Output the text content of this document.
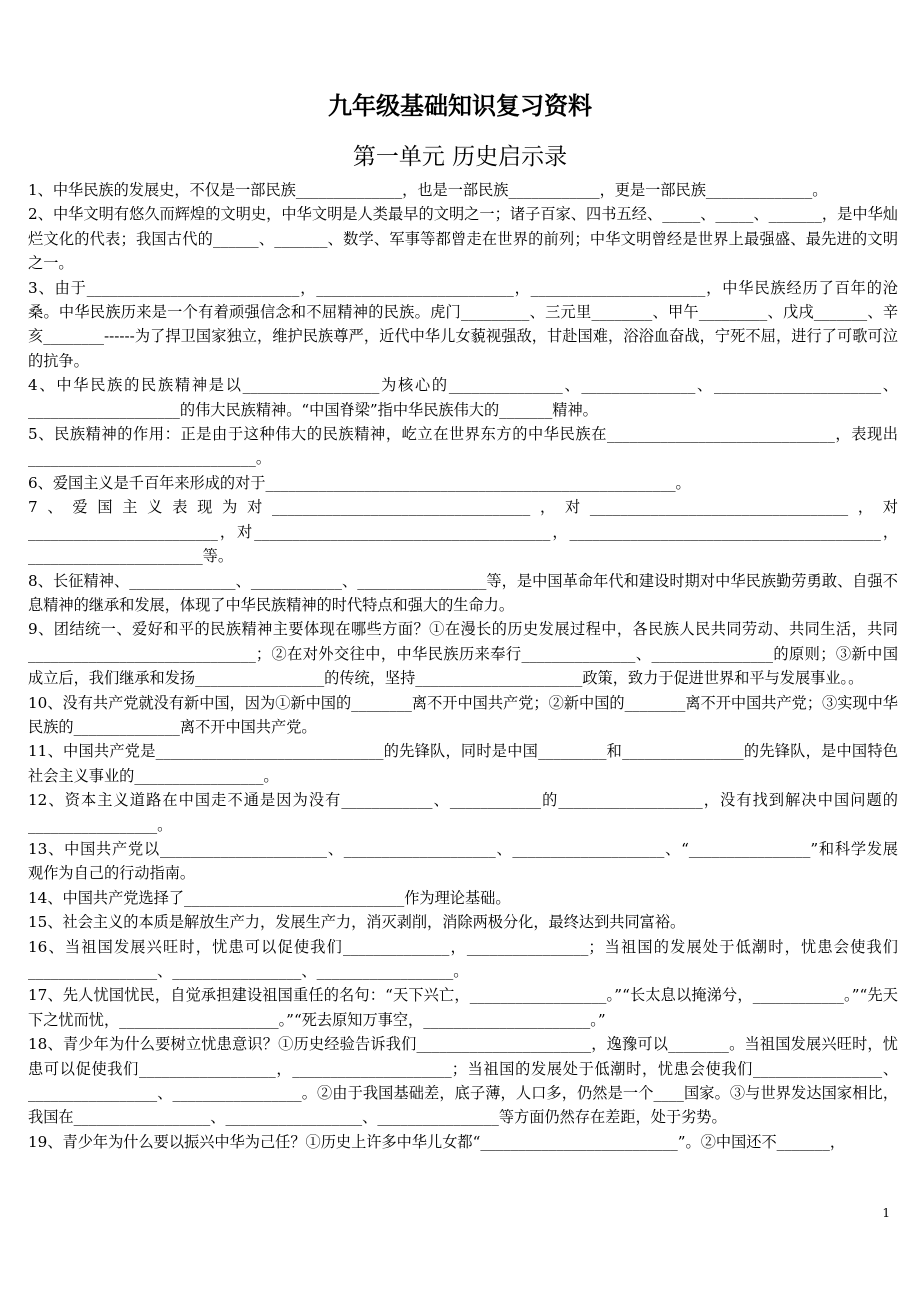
九年级基础知识复习资料
第一单元 历史启示录

1、中华民族的发展史，不仅是一部民族______________，也是一部民族____________，更是一部民族______________。

2、中华文明有悠久而辉煌的文明史，中华文明是人类最早的文明之一；诸子百家、四书五经、_____、_____、_______，是中华灿烂文化的代表；我国古代的______、_______、数学、军事等都曾走在世界的前列；中华文明曾经是世界上最强盛、最先进的文明之一。

3、由于____________________________，__________________________，_______________________，中华民族经历了百年的沧桑。中华民族历来是一个有着顽强信念和不屈精神的民族。虎门_________、三元里________、甲午_________、戊戌_______、辛亥________------为了捍卫国家独立，维护民族尊严，近代中华儿女藐视强敌，甘赴国难，浴浴血奋战，宁死不屈，进行了可歌可泣的抗争。

4、中华民族的民族精神是以__________________为核心的_______________、_______________、______________________、____________________的伟大民族精神。“中国脊梁”指中华民族伟大的_______精神。

5、民族精神的作用：正是由于这种伟大的民族精神，屹立在世界东方的中华民族在______________________________，表现出______________________________。

6、爱国主义是千百年来形成的对于______________________________________________________。

7、爱国主义表现为对__________________________________，对__________________________________，对_________________________，对_______________________________________，_________________________________________，_______________________等。

8、长征精神、______________、____________、_________________等，是中国革命年代和建设时期对中华民族勤劳勇敢、自强不息精神的继承和发展，体现了中华民族精神的时代特点和强大的生命力。

9、团结统一、爱好和平的民族精神主要体现在哪些方面？①在漫长的历史发展过程中，各民族人民共同劳动、共同生活，共同______________________________；②在对外交往中，中华民族历来奉行_______________、________________的原则；③新中国成立后，我们继承和发扬_________________的传统，坚持______________________政策，致力于促进世界和平与发展事业。。

10、没有共产党就没有新中国，因为①新中国的________离不开中国共产党；②新中国的________离不开中国共产党；③实现中华民族的______________离不开中国共产党。

11、中国共产党是______________________________的先锋队，同时是中国_________和________________的先锋队，是中国特色社会主义事业的_________________。

12、资本主义道路在中国走不通是因为没有____________、____________的___________________，没有找到解决中国问题的_________________。

13、中国共产党以______________________、____________________、____________________、“________________”和科学发展观作为自己的行动指南。

14、中国共产党选择了_____________________________作为理论基础。

15、社会主义的本质是解放生产力，发展生产力，消灭剥削，消除两极分化，最终达到共同富裕。

16、当祖国发展兴旺时，忧患可以促使我们______________，________________；当祖国的发展处于低潮时，忧患会使我们_________________、_________________、__________________。

17、先人忧国忧民，自觉承担建设祖国重任的名句：“天下兴亡，__________________。”“长太息以掩涕兮，____________。”“先天下之忧而忧，_____________________。”“死去原知万事空，______________________。”

18、青少年为什么要树立忧患意识？①历史经验告诉我们_______________________，逸豫可以________。当祖国发展兴旺时，忧患可以促使我们__________________，_____________________；当祖国的发展处于低潮时，忧患会使我们_________________、_________________、_________________。②由于我国基础差，底子薄，人口多，仍然是一个____国家。③与世界发达国家相比，我国在__________________、__________________、________________等方面仍然存在差距，处于劣势。

19、青少年为什么要以振兴中华为己任？①历史上许多中华儿女都“__________________________”。②中国还不_______，

1
